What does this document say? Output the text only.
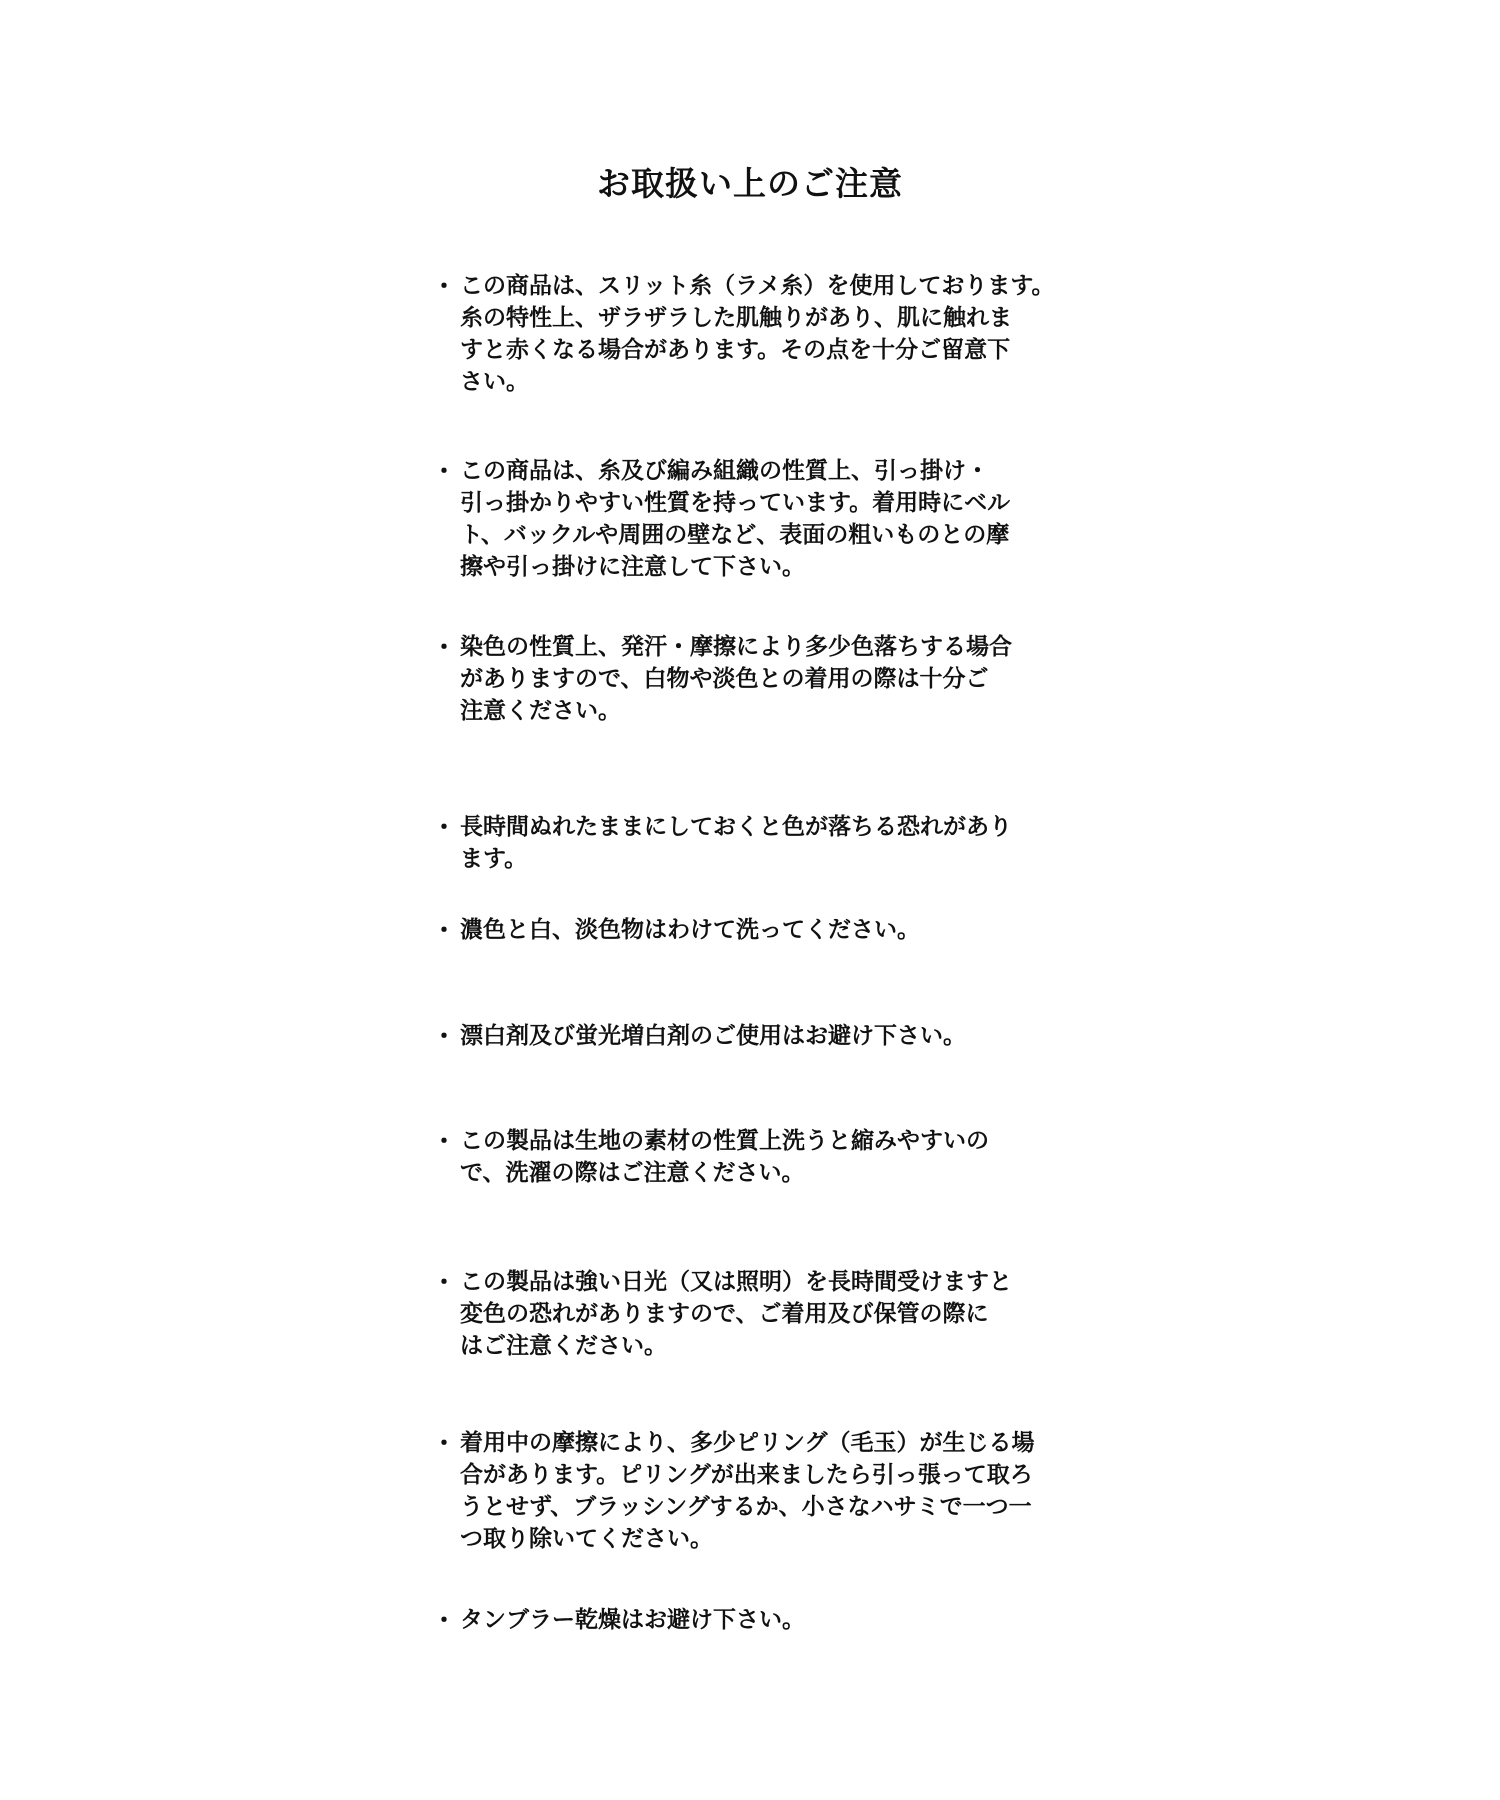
お取扱い上のご注意
・ この商品は、スリット糸（ラメ糸）を使用しております。
糸の特性上、ザラザラした肌触りがあり、肌に触れま
すと赤くなる場合があります。その点を十分ご留意下
さい。
・ この商品は、糸及び編み組織の性質上、引っ掛け・
引っ掛かりやすい性質を持っています。着用時にベル
ト、バックルや周囲の壁など、表面の粗いものとの摩
擦や引っ掛けに注意して下さい。
・ 染色の性質上、発汗・摩擦により多少色落ちする場合
がありますので、白物や淡色との着用の際は十分ご
注意ください。
・ 長時間ぬれたままにしておくと色が落ちる恐れがあり
ます。
・ 濃色と白、淡色物はわけて洗ってください。
・ 漂白剤及び蛍光増白剤のご使用はお避け下さい。
・ この製品は生地の素材の性質上洗うと縮みやすいの
で、洗濯の際はご注意ください。
・ この製品は強い日光（又は照明）を長時間受けますと
変色の恐れがありますので、ご着用及び保管の際に
はご注意ください。
・ 着用中の摩擦により、多少ピリング（毛玉）が生じる場
合があります。ピリングが出来ましたら引っ張って取ろ
うとせず、ブラッシングするか、小さなハサミで一つ一
つ取り除いてください。
・ タンブラー乾燥はお避け下さい。
